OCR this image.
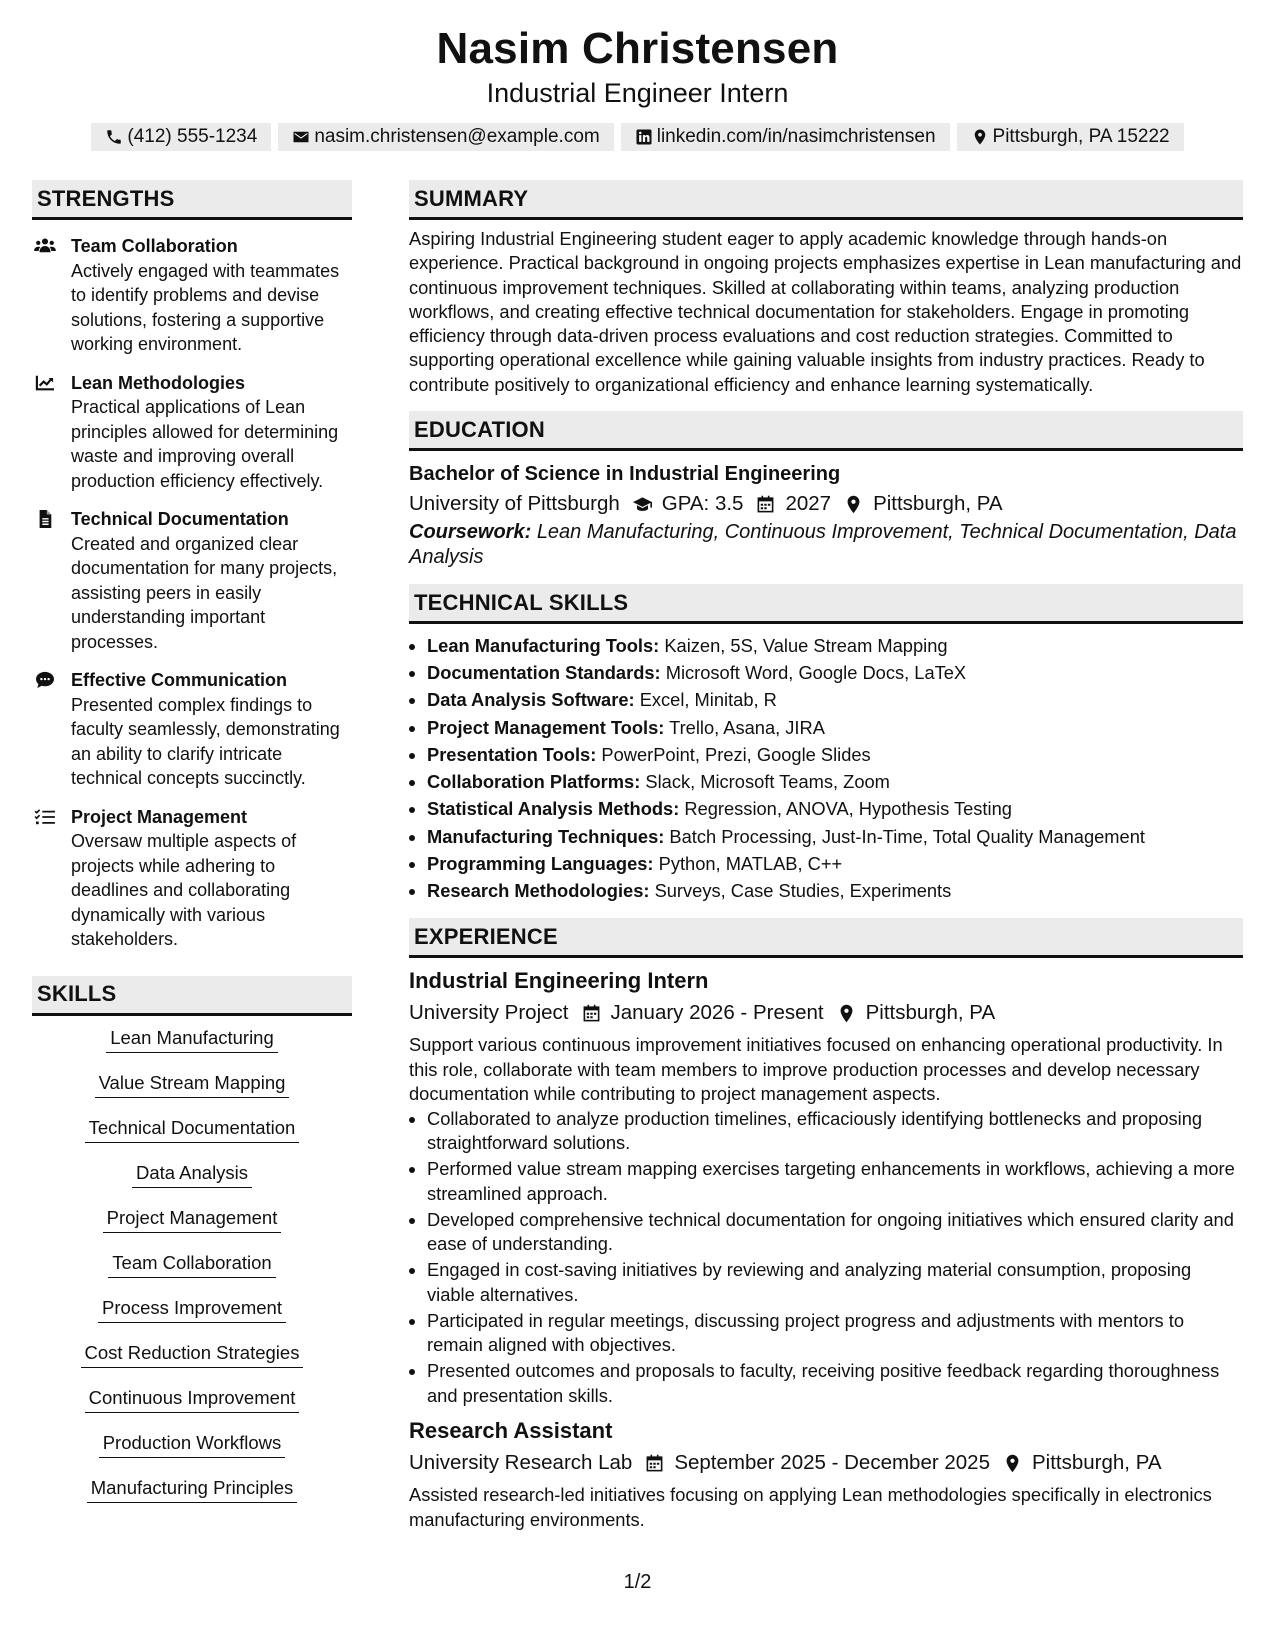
Nasim Christensen
Industrial Engineer Intern
(412) 555-1234	nasim.christensen@example.com	linkedin.com/in/nasimchristensen	Pittsburgh, PA 15222
STRENGTHS
Team Collaboration
Actively engaged with teammates to identify problems and devise solutions, fostering a supportive working environment.
Lean Methodologies
Practical applications of Lean principles allowed for determining waste and improving overall production efficiency effectively.
Technical Documentation
Created and organized clear documentation for many projects, assisting peers in easily understanding important processes.
Effective Communication
Presented complex findings to faculty seamlessly, demonstrating an ability to clarify intricate technical concepts succinctly.
Project Management
Oversaw multiple aspects of projects while adhering to deadlines and collaborating dynamically with various stakeholders.
SKILLS
Lean Manufacturing
Value Stream Mapping
Technical Documentation
Data Analysis
Project Management
Team Collaboration
Process Improvement
Cost Reduction Strategies
Continuous Improvement
Production Workflows
Manufacturing Principles
SUMMARY

Aspiring Industrial Engineering student eager to apply academic knowledge through hands-on experience. Practical background in ongoing projects emphasizes expertise in Lean manufacturing and continuous improvement techniques. Skilled at collaborating within teams, analyzing production workflows, and creating effective technical documentation for stakeholders. Engage in promoting efficiency through data-driven process evaluations and cost reduction strategies. Committed to supporting operational excellence while gaining valuable insights from industry practices. Ready to contribute positively to organizational efficiency and enhance learning systematically.

EDUCATION
Bachelor of Science in Industrial Engineering
University of Pittsburgh GPA: 3.5 2027 Pittsburgh, PA
Coursework: Lean Manufacturing, Continuous Improvement, Technical Documentation, Data Analysis
TECHNICAL SKILLS
• Lean Manufacturing Tools: Kaizen, 5S, Value Stream Mapping
• Documentation Standards: Microsoft Word, Google Docs, LaTeX
• Data Analysis Software: Excel, Minitab, R
• Project Management Tools: Trello, Asana, JIRA
• Presentation Tools: PowerPoint, Prezi, Google Slides
• Collaboration Platforms: Slack, Microsoft Teams, Zoom
• Statistical Analysis Methods: Regression, ANOVA, Hypothesis Testing
• Manufacturing Techniques: Batch Processing, Just-In-Time, Total Quality Management
• Programming Languages: Python, MATLAB, C++
• Research Methodologies: Surveys, Case Studies, Experiments
EXPERIENCE
Industrial Engineering Intern
University Project January 2026 - Present Pittsburgh, PA

Support various continuous improvement initiatives focused on enhancing operational productivity. In this role, collaborate with team members to improve production processes and develop necessary documentation while contributing to project management aspects.

• Collaborated to analyze production timelines, efficaciously identifying bottlenecks and proposing straightforward solutions.
• Performed value stream mapping exercises targeting enhancements in workflows, achieving a more streamlined approach.
• Developed comprehensive technical documentation for ongoing initiatives which ensured clarity and ease of understanding.
• Engaged in cost-saving initiatives by reviewing and analyzing material consumption, proposing viable alternatives.
• Participated in regular meetings, discussing project progress and adjustments with mentors to remain aligned with objectives.
• Presented outcomes and proposals to faculty, receiving positive feedback regarding thoroughness and presentation skills.
Research Assistant
University Research Lab September 2025 - December 2025 Pittsburgh, PA

Assisted research-led initiatives focusing on applying Lean methodologies specifically in electronics manufacturing environments.

1/2
